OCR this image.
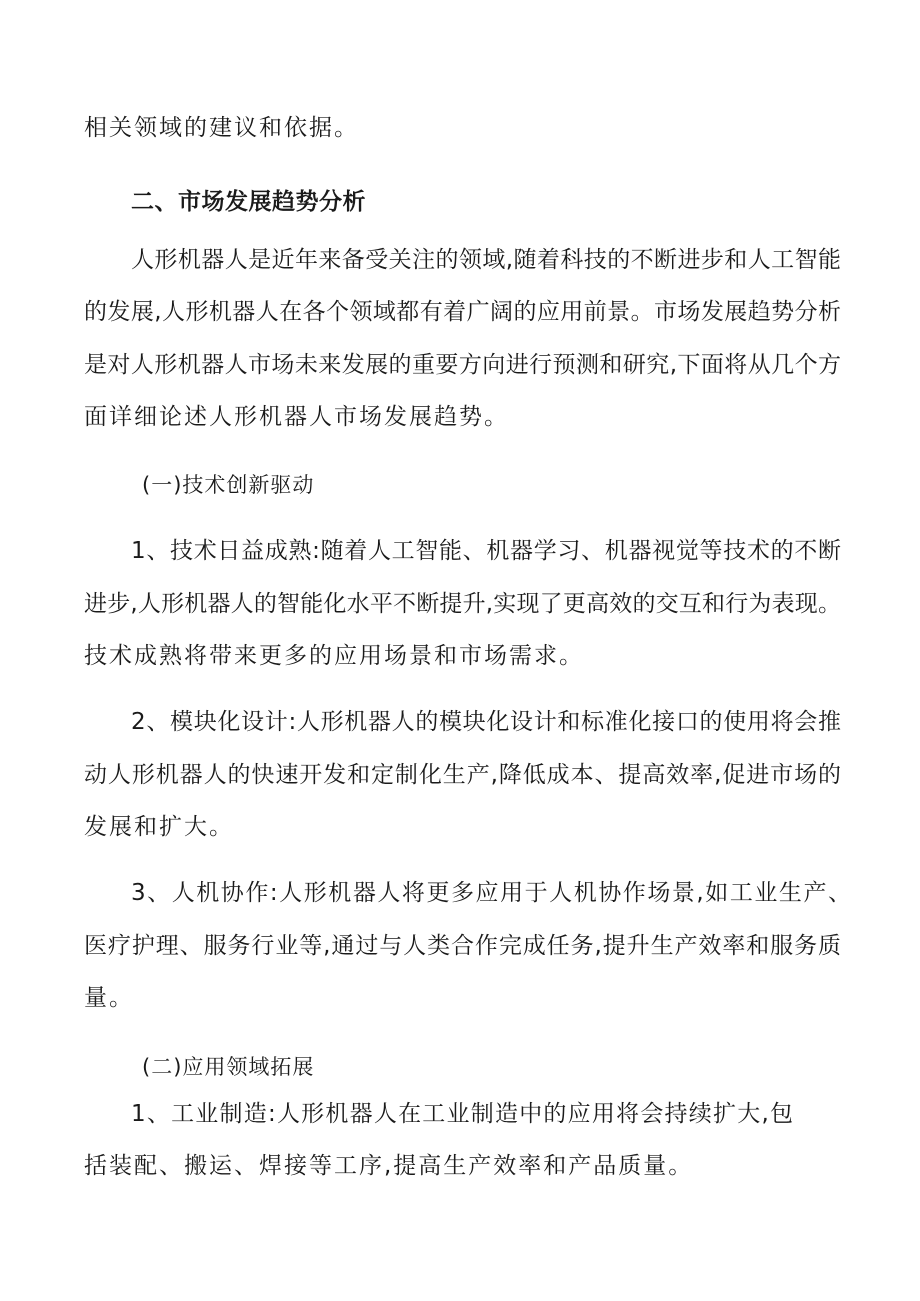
相关领域的建议和依据。
二、市场发展趋势分析
人形机器人是近年来备受关注的领域,随着科技的不断进步和人工智能
的发展,人形机器人在各个领域都有着广阔的应用前景。市场发展趋势分析
是对人形机器人市场未来发展的重要方向进行预测和研究,下面将从几个方
面详细论述人形机器人市场发展趋势。
(一)技术创新驱动
1、技术日益成熟:随着人工智能、机器学习、机器视觉等技术的不断
进步,人形机器人的智能化水平不断提升,实现了更高效的交互和行为表现。
技术成熟将带来更多的应用场景和市场需求。
2、模块化设计:人形机器人的模块化设计和标准化接口的使用将会推
动人形机器人的快速开发和定制化生产,降低成本、提高效率,促进市场的
发展和扩大。
3、人机协作:人形机器人将更多应用于人机协作场景,如工业生产、
医疗护理、服务行业等,通过与人类合作完成任务,提升生产效率和服务质
量。
(二)应用领域拓展
1、工业制造:人形机器人在工业制造中的应用将会持续扩大,包
括装配、搬运、焊接等工序,提高生产效率和产品质量。
